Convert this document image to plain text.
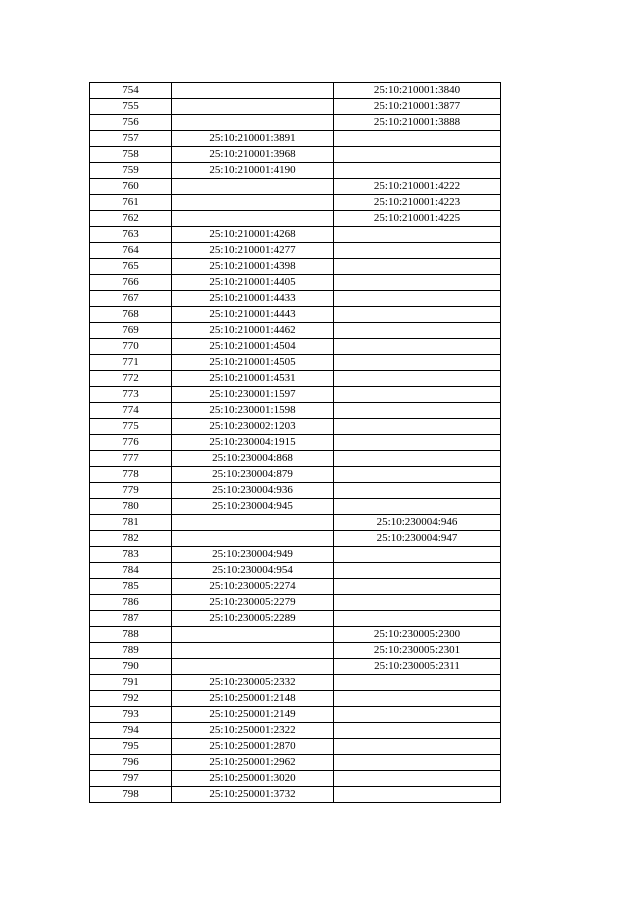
754		25:10:210001:3840
755		25:10:210001:3877
756		25:10:210001:3888
757	25:10:210001:3891	
758	25:10:210001:3968	
759	25:10:210001:4190	
760		25:10:210001:4222
761		25:10:210001:4223
762		25:10:210001:4225
763	25:10:210001:4268	
764	25:10:210001:4277	
765	25:10:210001:4398	
766	25:10:210001:4405	
767	25:10:210001:4433	
768	25:10:210001:4443	
769	25:10:210001:4462	
770	25:10:210001:4504	
771	25:10:210001:4505	
772	25:10:210001:4531	
773	25:10:230001:1597	
774	25:10:230001:1598	
775	25:10:230002:1203	
776	25:10:230004:1915	
777	25:10:230004:868	
778	25:10:230004:879	
779	25:10:230004:936	
780	25:10:230004:945	
781		25:10:230004:946
782		25:10:230004:947
783	25:10:230004:949	
784	25:10:230004:954	
785	25:10:230005:2274	
786	25:10:230005:2279	
787	25:10:230005:2289	
788		25:10:230005:2300
789		25:10:230005:2301
790		25:10:230005:2311
791	25:10:230005:2332	
792	25:10:250001:2148	
793	25:10:250001:2149	
794	25:10:250001:2322	
795	25:10:250001:2870	
796	25:10:250001:2962	
797	25:10:250001:3020	
798	25:10:250001:3732	
